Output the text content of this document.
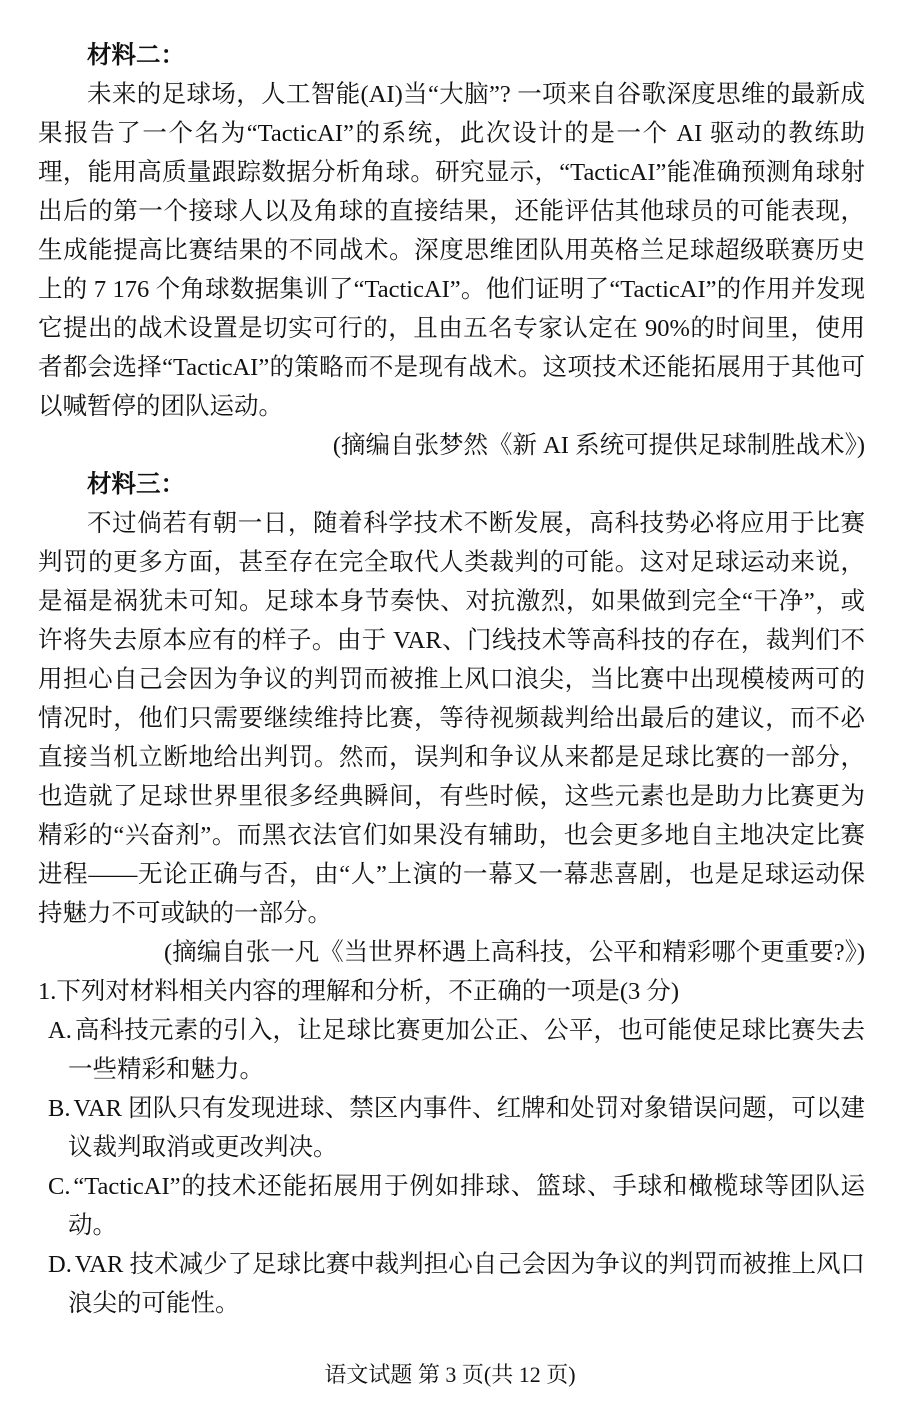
材料二：

未来的足球场，人工智能(AI)当“大脑”? 一项来自谷歌深度思维的最新成果报告了一个名为“TacticAI”的系统，此次设计的是一个 AI 驱动的教练助理，能用高质量跟踪数据分析角球。研究显示，“TacticAI”能准确预测角球射出后的第一个接球人以及角球的直接结果，还能评估其他球员的可能表现，生成能提高比赛结果的不同战术。深度思维团队用英格兰足球超级联赛历史上的 7 176 个角球数据集训了“TacticAI”。他们证明了“TacticAI”的作用并发现它提出的战术设置是切实可行的，且由五名专家认定在 90%的时间里，使用者都会选择“TacticAI”的策略而不是现有战术。这项技术还能拓展用于其他可以喊暂停的团队运动。

(摘编自张梦然《新 AI 系统可提供足球制胜战术》)

材料三：

不过倘若有朝一日，随着科学技术不断发展，高科技势必将应用于比赛判罚的更多方面，甚至存在完全取代人类裁判的可能。这对足球运动来说，是福是祸犹未可知。足球本身节奏快、对抗激烈，如果做到完全“干净”，或许将失去原本应有的样子。由于 VAR、门线技术等高科技的存在，裁判们不用担心自己会因为争议的判罚而被推上风口浪尖，当比赛中出现模棱两可的情况时，他们只需要继续维持比赛，等待视频裁判给出最后的建议，而不必直接当机立断地给出判罚。然而，误判和争议从来都是足球比赛的一部分，也造就了足球世界里很多经典瞬间，有些时候，这些元素也是助力比赛更为精彩的“兴奋剂”。而黑衣法官们如果没有辅助，也会更多地自主地决定比赛进程——无论正确与否，由“人”上演的一幕又一幕悲喜剧，也是足球运动保持魅力不可或缺的一部分。

(摘编自张一凡《当世界杯遇上高科技，公平和精彩哪个更重要?》)

1.下列对材料相关内容的理解和分析，不正确的一项是(3 分)

A. 高科技元素的引入，让足球比赛更加公正、公平，也可能使足球比赛失去一些精彩和魅力。
B. VAR 团队只有发现进球、禁区内事件、红牌和处罚对象错误问题，可以建议裁判取消或更改判决。
C. “TacticAI”的技术还能拓展用于例如排球、篮球、手球和橄榄球等团队运动。
D. VAR 技术减少了足球比赛中裁判担心自己会因为争议的判罚而被推上风口浪尖的可能性。
语文试题 第 3 页(共 12 页)
